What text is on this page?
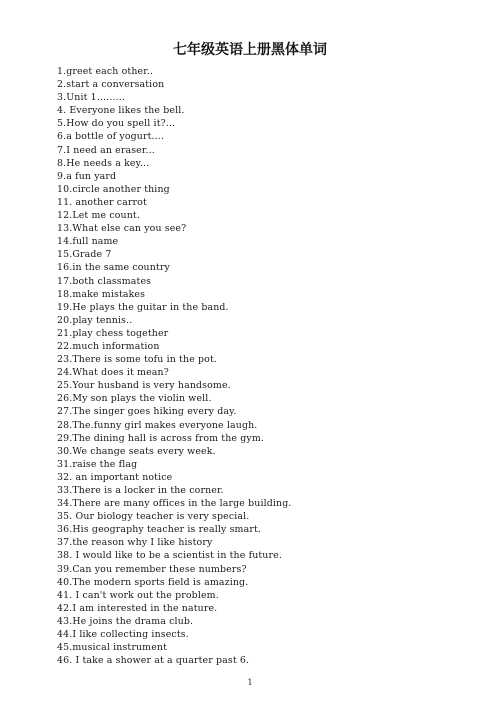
七年级英语上册黑体单词
1.greet each other..
2.start a conversation
3.Unit 1.........
4. Everyone likes the bell.
5.How do you spell it?...
6.a bottle of yogurt....
7.I need an eraser...
8.He needs a key...
9.a fun yard
10.circle another thing
11. another carrot
12.Let me count.
13.What else can you see?
14.full name
15.Grade 7
16.in the same country
17.both classmates
18.make mistakes
19.He plays the guitar in the band.
20.play tennis..
21.play chess together
22.much information
23.There is some tofu in the pot.
24.What does it mean?
25.Your husband is very handsome.
26.My son plays the violin well.
27.The singer goes hiking every day.
28.The.funny girl makes everyone laugh.
29.The dining hall is across from the gym.
30.We change seats every week.
31.raise the flag
32. an important notice
33.There is a locker in the corner.
34.There are many offices in the large building.
35. Our biology teacher is very special.
36.His geography teacher is really smart.
37.the reason why I like history
38. I would like to be a scientist in the future.
39.Can you remember these numbers?
40.The modern sports field is amazing.
41. I can't work out the problem.
42.I am interested in the nature.
43.He joins the drama club.
44.I like collecting insects.
45.musical instrument
46. I take a shower at a quarter past 6.
1
